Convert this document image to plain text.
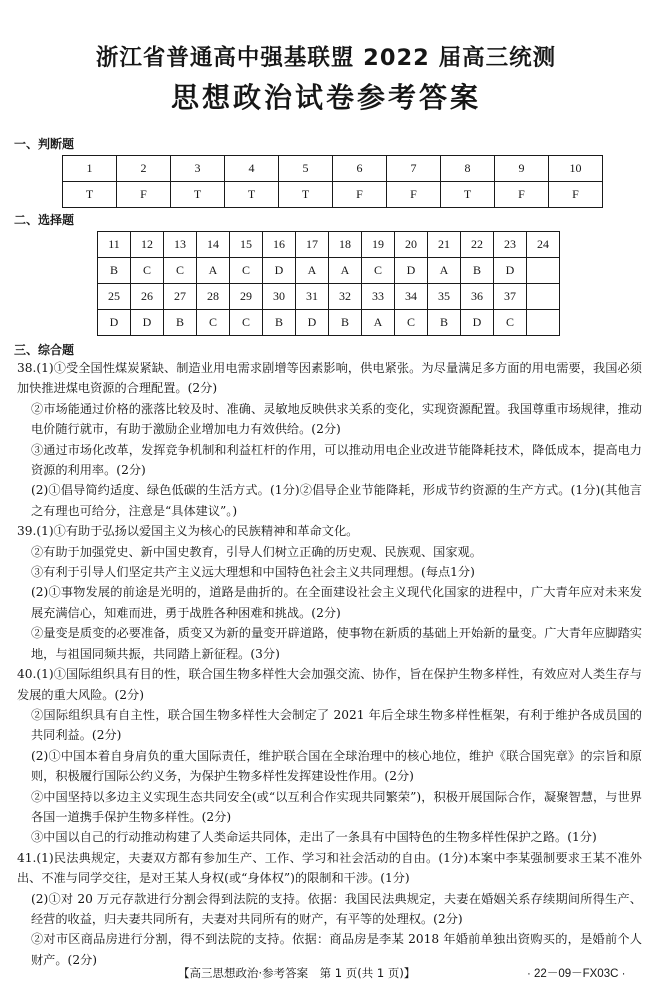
浙江省普通高中强基联盟 2022 届高三统测
思想政治试卷参考答案
一、判断题
1	2	3	4	5	6	7	8	9	10
T	F	T	T	T	F	F	T	F	F
二、选择题
11	12	13	14	15	16	17	18	19	20	21	22	23	24
B	C	C	A	C	D	A	A	C	D	A	B	D	
25	26	27	28	29	30	31	32	33	34	35	36	37	
D	D	B	C	C	B	D	B	A	C	B	D	C	
三、综合题

38.(1)①受全国性煤炭紧缺、制造业用电需求剧增等因素影响，供电紧张。为尽量满足多方面的用电需要，我国必须加快推进煤电资源的合理配置。(2分)

②市场能通过价格的涨落比较及时、准确、灵敏地反映供求关系的变化，实现资源配置。我国尊重市场规律，推动电价随行就市，有助于激励企业增加电力有效供给。(2分)

③通过市场化改革，发挥竞争机制和利益杠杆的作用，可以推动用电企业改进节能降耗技术，降低成本，提高电力资源的利用率。(2分)

(2)①倡导简约适度、绿色低碳的生活方式。(1分)②倡导企业节能降耗，形成节约资源的生产方式。(1分)(其他言之有理也可给分，注意是“具体建议”。)

39.(1)①有助于弘扬以爱国主义为核心的民族精神和革命文化。

②有助于加强党史、新中国史教育，引导人们树立正确的历史观、民族观、国家观。

③有利于引导人们坚定共产主义远大理想和中国特色社会主义共同理想。(每点1分)

(2)①事物发展的前途是光明的，道路是曲折的。在全面建设社会主义现代化国家的进程中，广大青年应对未来发展充满信心，知难而进，勇于战胜各种困难和挑战。(2分)

②量变是质变的必要准备，质变又为新的量变开辟道路，使事物在新质的基础上开始新的量变。广大青年应脚踏实地，与祖国同频共振，共同踏上新征程。(3分)

40.(1)①国际组织具有目的性，联合国生物多样性大会加强交流、协作，旨在保护生物多样性，有效应对人类生存与发展的重大风险。(2分)

②国际组织具有自主性，联合国生物多样性大会制定了 2021 年后全球生物多样性框架，有利于维护各成员国的共同利益。(2分)

(2)①中国本着自身肩负的重大国际责任，维护联合国在全球治理中的核心地位，维护《联合国宪章》的宗旨和原则，积极履行国际公约义务，为保护生物多样性发挥建设性作用。(2分)

②中国坚持以多边主义实现生态共同安全(或“以互利合作实现共同繁荣”)，积极开展国际合作，凝聚智慧，与世界各国一道携手保护生物多样性。(2分)

③中国以自己的行动推动构建了人类命运共同体，走出了一条具有中国特色的生物多样性保护之路。(1分)

41.(1)民法典规定，夫妻双方都有参加生产、工作、学习和社会活动的自由。(1分)本案中李某强制要求王某不准外出、不准与同学交往，是对王某人身权(或“身体权”)的限制和干涉。(1分)

(2)①对 20 万元存款进行分割会得到法院的支持。依据：我国民法典规定，夫妻在婚姻关系存续期间所得生产、经营的收益，归夫妻共同所有，夫妻对共同所有的财产，有平等的处理权。(2分)

②对市区商品房进行分割，得不到法院的支持。依据：商品房是李某 2018 年婚前单独出资购买的，是婚前个人财产。(2分)

【高三思想政治·参考答案　第 1 页(共 1 页)】	· 22－09－FX03C ·
